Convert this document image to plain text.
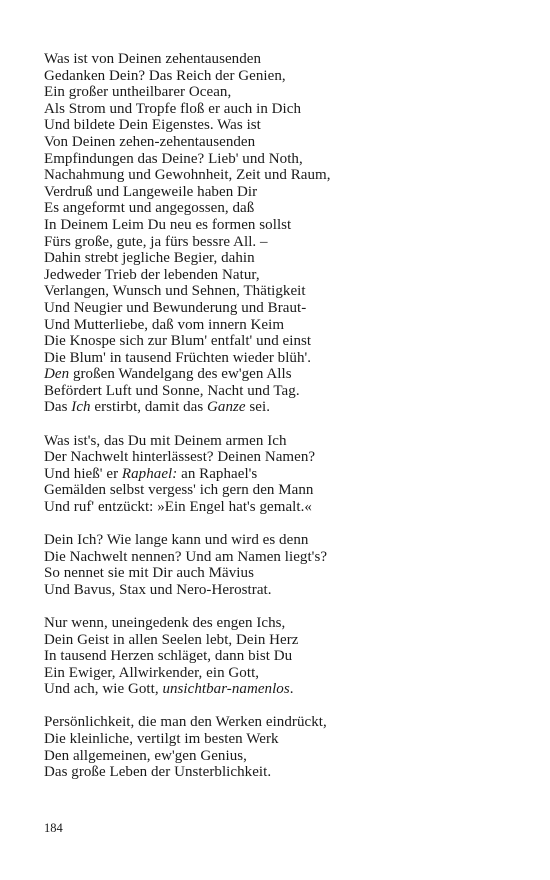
Was ist von Deinen zehentausenden
Gedanken Dein? Das Reich der Genien,
Ein großer untheilbarer Ocean,
Als Strom und Tropfe floß er auch in Dich
Und bildete Dein Eigenstes. Was ist
Von Deinen zehen-zehentausenden
Empfindungen das Deine? Lieb' und Noth,
Nachahmung und Gewohnheit, Zeit und Raum,
Verdruß und Langeweile haben Dir
Es angeformt und angegossen, daß
In Deinem Leim Du neu es formen sollst
Fürs große, gute, ja fürs bessre All. –
Dahin strebt jegliche Begier, dahin
Jedweder Trieb der lebenden Natur,
Verlangen, Wunsch und Sehnen, Thätigkeit
Und Neugier und Bewunderung und Braut-
Und Mutterliebe, daß vom innern Keim
Die Knospe sich zur Blum' entfalt' und einst
Die Blum' in tausend Früchten wieder blüh'.
Den großen Wandelgang des ew'gen Alls
Befördert Luft und Sonne, Nacht und Tag.
Das Ich erstirbt, damit das Ganze sei.
Was ist's, das Du mit Deinem armen Ich
Der Nachwelt hinterlässest? Deinen Namen?
Und hieß' er Raphael: an Raphael's
Gemälden selbst vergess' ich gern den Mann
Und ruf' entzückt: »Ein Engel hat's gemalt.«
Dein Ich? Wie lange kann und wird es denn
Die Nachwelt nennen? Und am Namen liegt's?
So nennet sie mit Dir auch Mävius
Und Bavus, Stax und Nero-Herostrat.
Nur wenn, uneingedenk des engen Ichs,
Dein Geist in allen Seelen lebt, Dein Herz
In tausend Herzen schläget, dann bist Du
Ein Ewiger, Allwirkender, ein Gott,
Und ach, wie Gott, unsichtbar-namenlos.
Persönlichkeit, die man den Werken eindrückt,
Die kleinliche, vertilgt im besten Werk
Den allgemeinen, ew'gen Genius,
Das große Leben der Unsterblichkeit.
184
